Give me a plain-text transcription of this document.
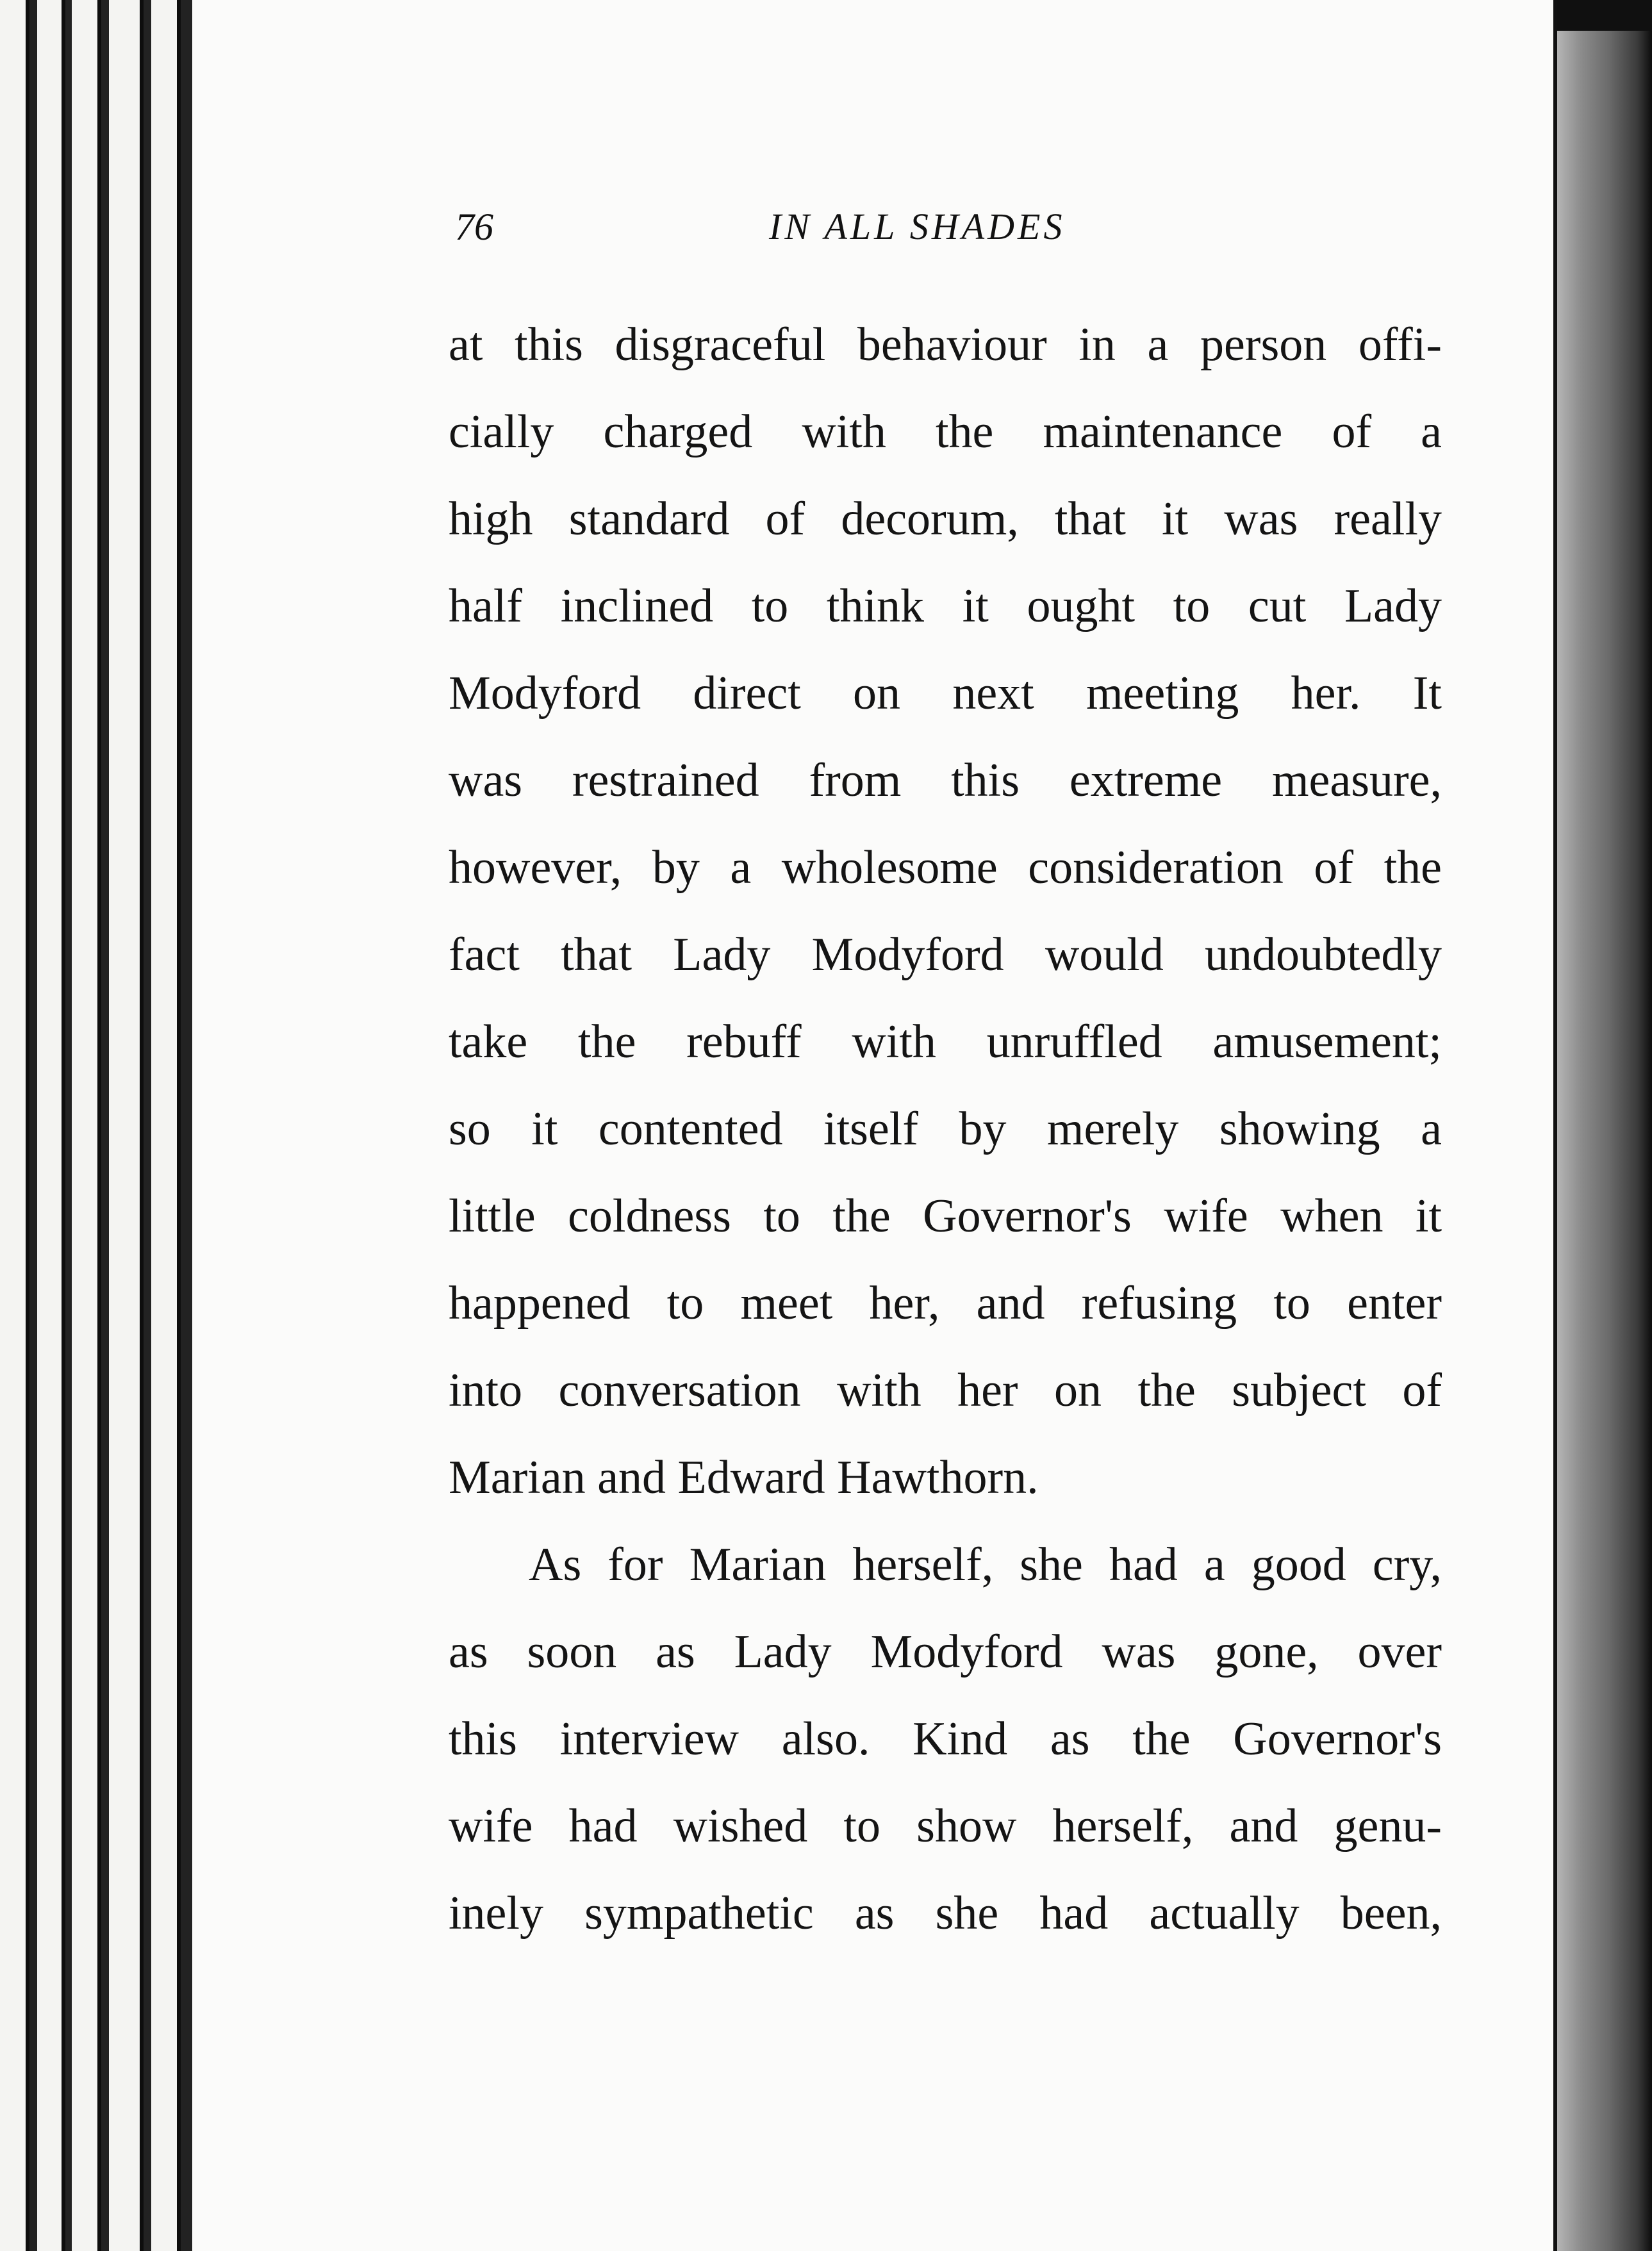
76	IN ALL SHADES
at this disgraceful behaviour in a person offi-
cially charged with the maintenance of a
high standard of decorum, that it was really
half inclined to think it ought to cut Lady
Modyford direct on next meeting her. It
was restrained from this extreme measure,
however, by a wholesome consideration of the
fact that Lady Modyford would undoubtedly
take the rebuff with unruffled amusement;
so it contented itself by merely showing a
little coldness to the Governor's wife when it
happened to meet her, and refusing to enter
into conversation with her on the subject of
Marian and Edward Hawthorn.
As for Marian herself, she had a good cry,
as soon as Lady Modyford was gone, over
this interview also. Kind as the Governor's
wife had wished to show herself, and genu-
inely sympathetic as she had actually been,
